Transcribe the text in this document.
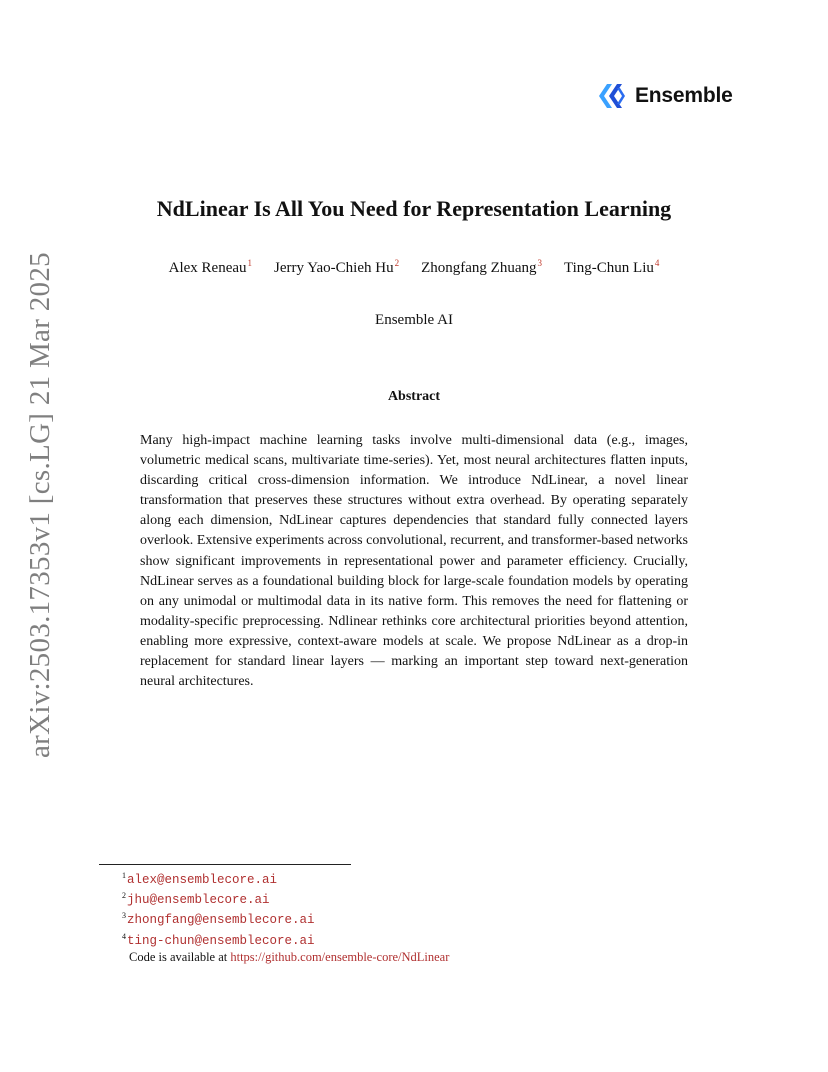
Ensemble
arXiv:2503.17353v1 [cs.LG] 21 Mar 2025
NdLinear Is All You Need for Representation Learning
Alex Reneau$^1$ Jerry Yao-Chieh Hu$^2$ Zhongfang Zhuang$^3$ Ting-Chun Liu$^4$
Ensemble AI
Abstract

Many high-impact machine learning tasks involve multi-dimensional data (e.g., images, volumetric medical scans, multivariate time-series). Yet, most neural architectures flatten inputs, discarding critical cross-dimension information. We introduce NdLinear, a novel linear transformation that preserves these structures without extra overhead. By operating separately along each dimension, NdLinear captures dependencies that standard fully connected layers overlook. Extensive experiments across convolutional, recurrent, and transformer-based networks show significant improvements in representational power and parameter efficiency. Crucially, NdLinear serves as a foundational building block for large-scale foundation models by operating on any unimodal or multimodal data in its native form. This removes the need for flattening or modality-specific preprocessing. Ndlinear rethinks core architectural priorities beyond attention, enabling more expressive, context-aware models at scale. We propose NdLinear as a drop-in replacement for standard linear layers — marking an important step toward next-generation neural architectures.

$^1$alex@ensemblecore.ai
$^2$jhu@ensemblecore.ai
$^3$zhongfang@ensemblecore.ai
$^4$ting-chun@ensemblecore.ai
Code is available at https://github.com/ensemble-core/NdLinear
